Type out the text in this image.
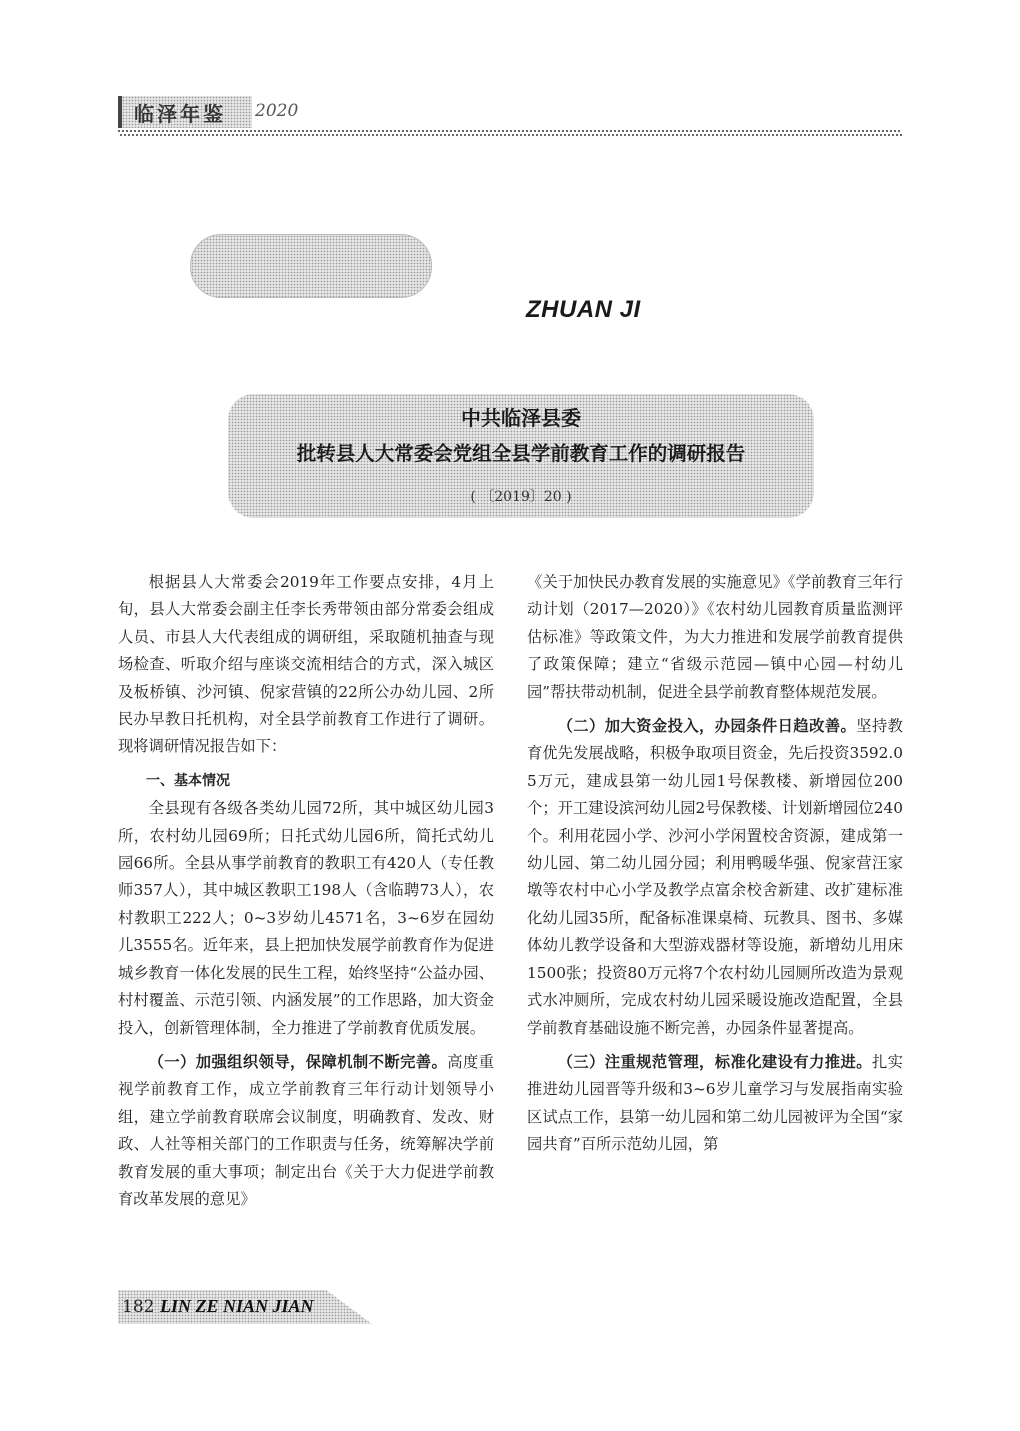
临泽年鉴 2020
ZHUAN JI
中共临泽县委
批转县人大常委会党组全县学前教育工作的调研报告
( 〔2019〕20 )

根据县人大常委会2019年工作要点安排，4月上旬，县人大常委会副主任李长秀带领由部分常委会组成人员、市县人大代表组成的调研组，采取随机抽查与现场检查、听取介绍与座谈交流相结合的方式，深入城区及板桥镇、沙河镇、倪家营镇的22所公办幼儿园、2所民办早教日托机构，对全县学前教育工作进行了调研。现将调研情况报告如下：

一、基本情况

全县现有各级各类幼儿园72所，其中城区幼儿园3所，农村幼儿园69所；日托式幼儿园6所，简托式幼儿园66所。全县从事学前教育的教职工有420人（专任教师357人），其中城区教职工198人（含临聘73人），农村教职工222人；0~3岁幼儿4571名，3~6岁在园幼儿3555名。近年来，县上把加快发展学前教育作为促进城乡教育一体化发展的民生工程，始终坚持“公益办园、村村覆盖、示范引领、内涵发展”的工作思路，加大资金投入，创新管理体制，全力推进了学前教育优质发展。

（一）加强组织领导，保障机制不断完善。高度重视学前教育工作，成立学前教育三年行动计划领导小组，建立学前教育联席会议制度，明确教育、发改、财政、人社等相关部门的工作职责与任务，统筹解决学前教育发展的重大事项；制定出台《关于大力促进学前教育改革发展的意见》

《关于加快民办教育发展的实施意见》《学前教育三年行动计划（2017—2020）》《农村幼儿园教育质量监测评估标准》等政策文件，为大力推进和发展学前教育提供了政策保障；建立“省级示范园—镇中心园—村幼儿园”帮扶带动机制，促进全县学前教育整体规范发展。

（二）加大资金投入，办园条件日趋改善。坚持教育优先发展战略，积极争取项目资金，先后投资3592.05万元，建成县第一幼儿园1号保教楼、新增园位200个；开工建设滨河幼儿园2号保教楼、计划新增园位240个。利用花园小学、沙河小学闲置校舍资源，建成第一幼儿园、第二幼儿园分园；利用鸭暖华强、倪家营汪家墩等农村中心小学及教学点富余校舍新建、改扩建标准化幼儿园35所，配备标准课桌椅、玩教具、图书、多媒体幼儿教学设备和大型游戏器材等设施，新增幼儿用床1500张；投资80万元将7个农村幼儿园厕所改造为景观式水冲厕所，完成农村幼儿园采暖设施改造配置，全县学前教育基础设施不断完善，办园条件显著提高。

（三）注重规范管理，标准化建设有力推进。扎实推进幼儿园晋等升级和3~6岁儿童学习与发展指南实验区试点工作，县第一幼儿园和第二幼儿园被评为全国“家园共育”百所示范幼儿园，第

182 LIN ZE NIAN JIAN
